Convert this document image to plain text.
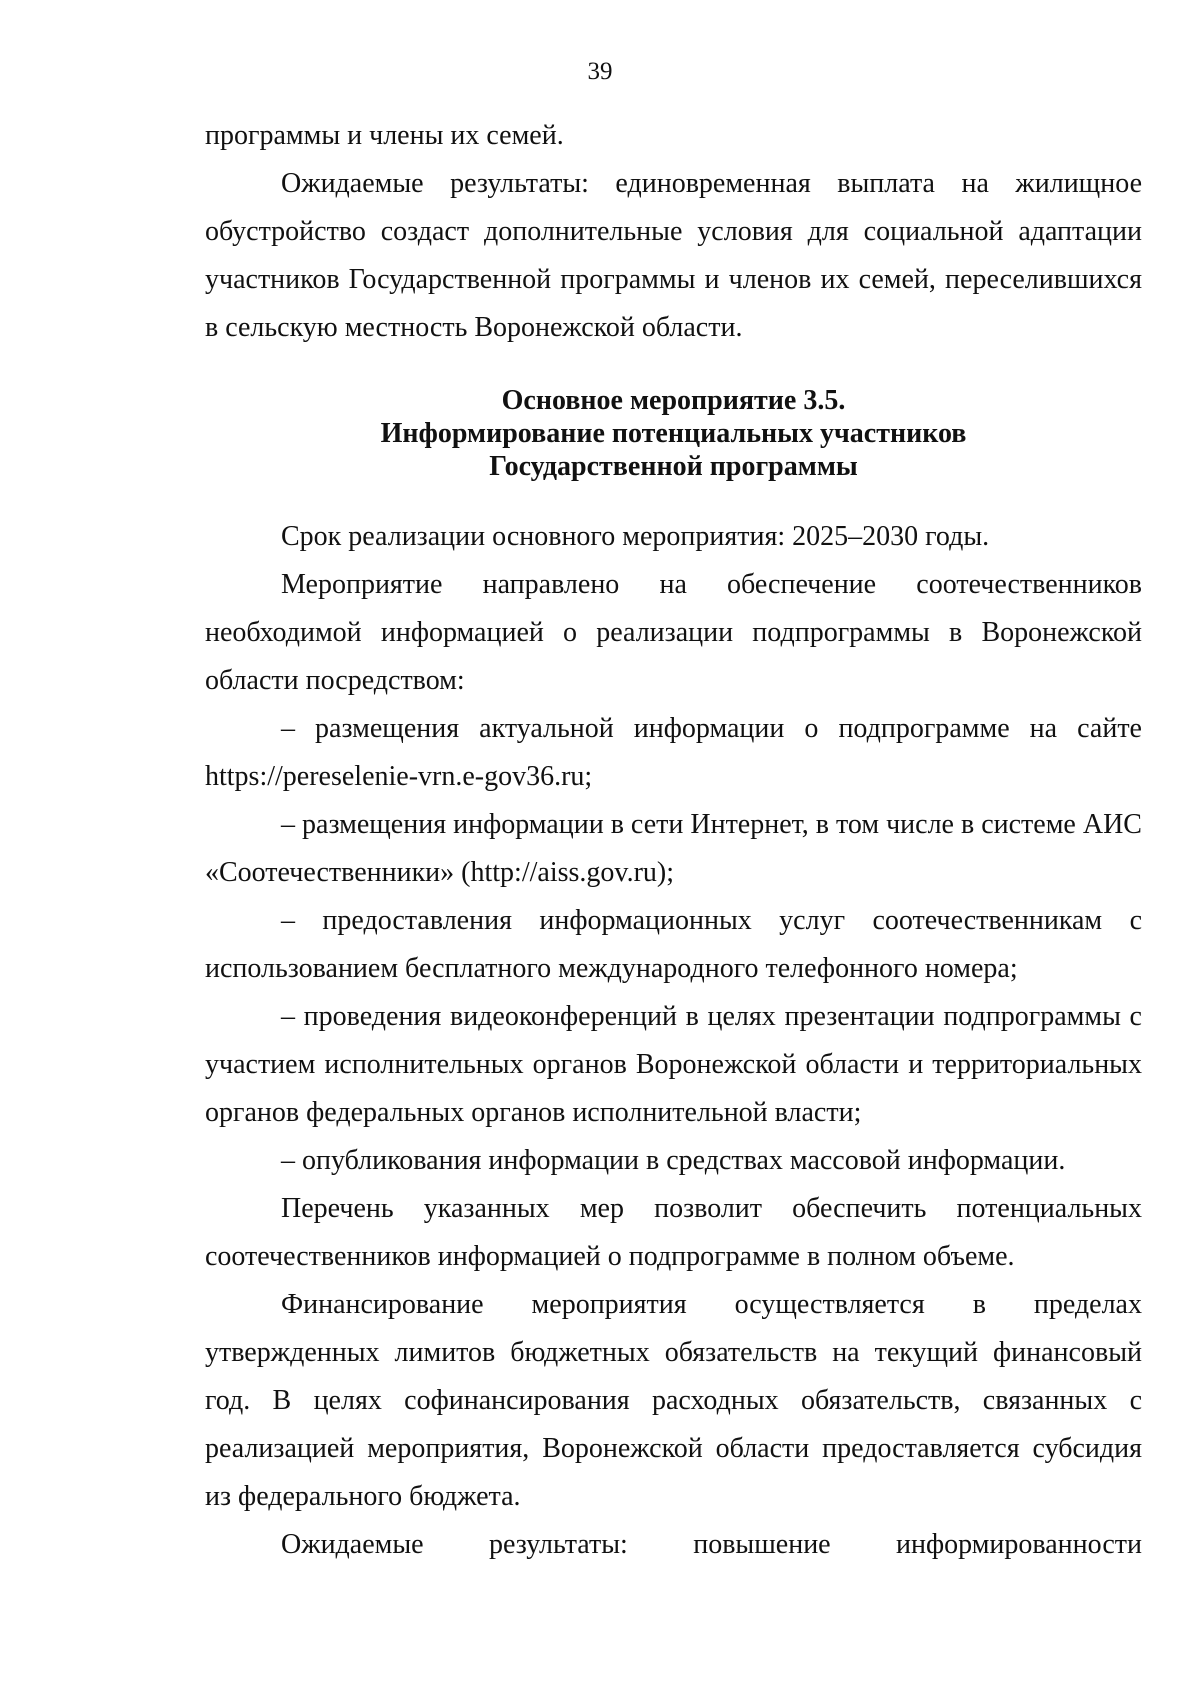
39

программы и члены их семей.

Ожидаемые результаты: единовременная выплата на жилищное обустройство создаст дополнительные условия для социальной адаптации участников Государственной программы и членов их семей, переселившихся в сельскую местность Воронежской области.

Основное мероприятие 3.5.
Информирование потенциальных участников
Государственной программы

Срок реализации основного мероприятия: 2025–2030 годы.

Мероприятие направлено на обеспечение соотечественников необходимой информацией о реализации подпрограммы в Воронежской области посредством:

– размещения актуальной информации о подпрограмме на сайте https://pereselenie-vrn.e-gov36.ru;

– размещения информации в сети Интернет, в том числе в системе АИС «Соотечественники» (http://aiss.gov.ru);

– предоставления информационных услуг соотечественникам с использованием бесплатного международного телефонного номера;

– проведения видеоконференций в целях презентации подпрограммы с участием исполнительных органов Воронежской области и территориальных органов федеральных органов исполнительной власти;

– опубликования информации в средствах массовой информации.

Перечень указанных мер позволит обеспечить потенциальных соотечественников информацией о подпрограмме в полном объеме.

Финансирование мероприятия осуществляется в пределах утвержденных лимитов бюджетных обязательств на текущий финансовый год. В целях софинансирования расходных обязательств, связанных с реализацией мероприятия, Воронежской области предоставляется субсидия из федерального бюджета.

Ожидаемые результаты: повышение информированности
